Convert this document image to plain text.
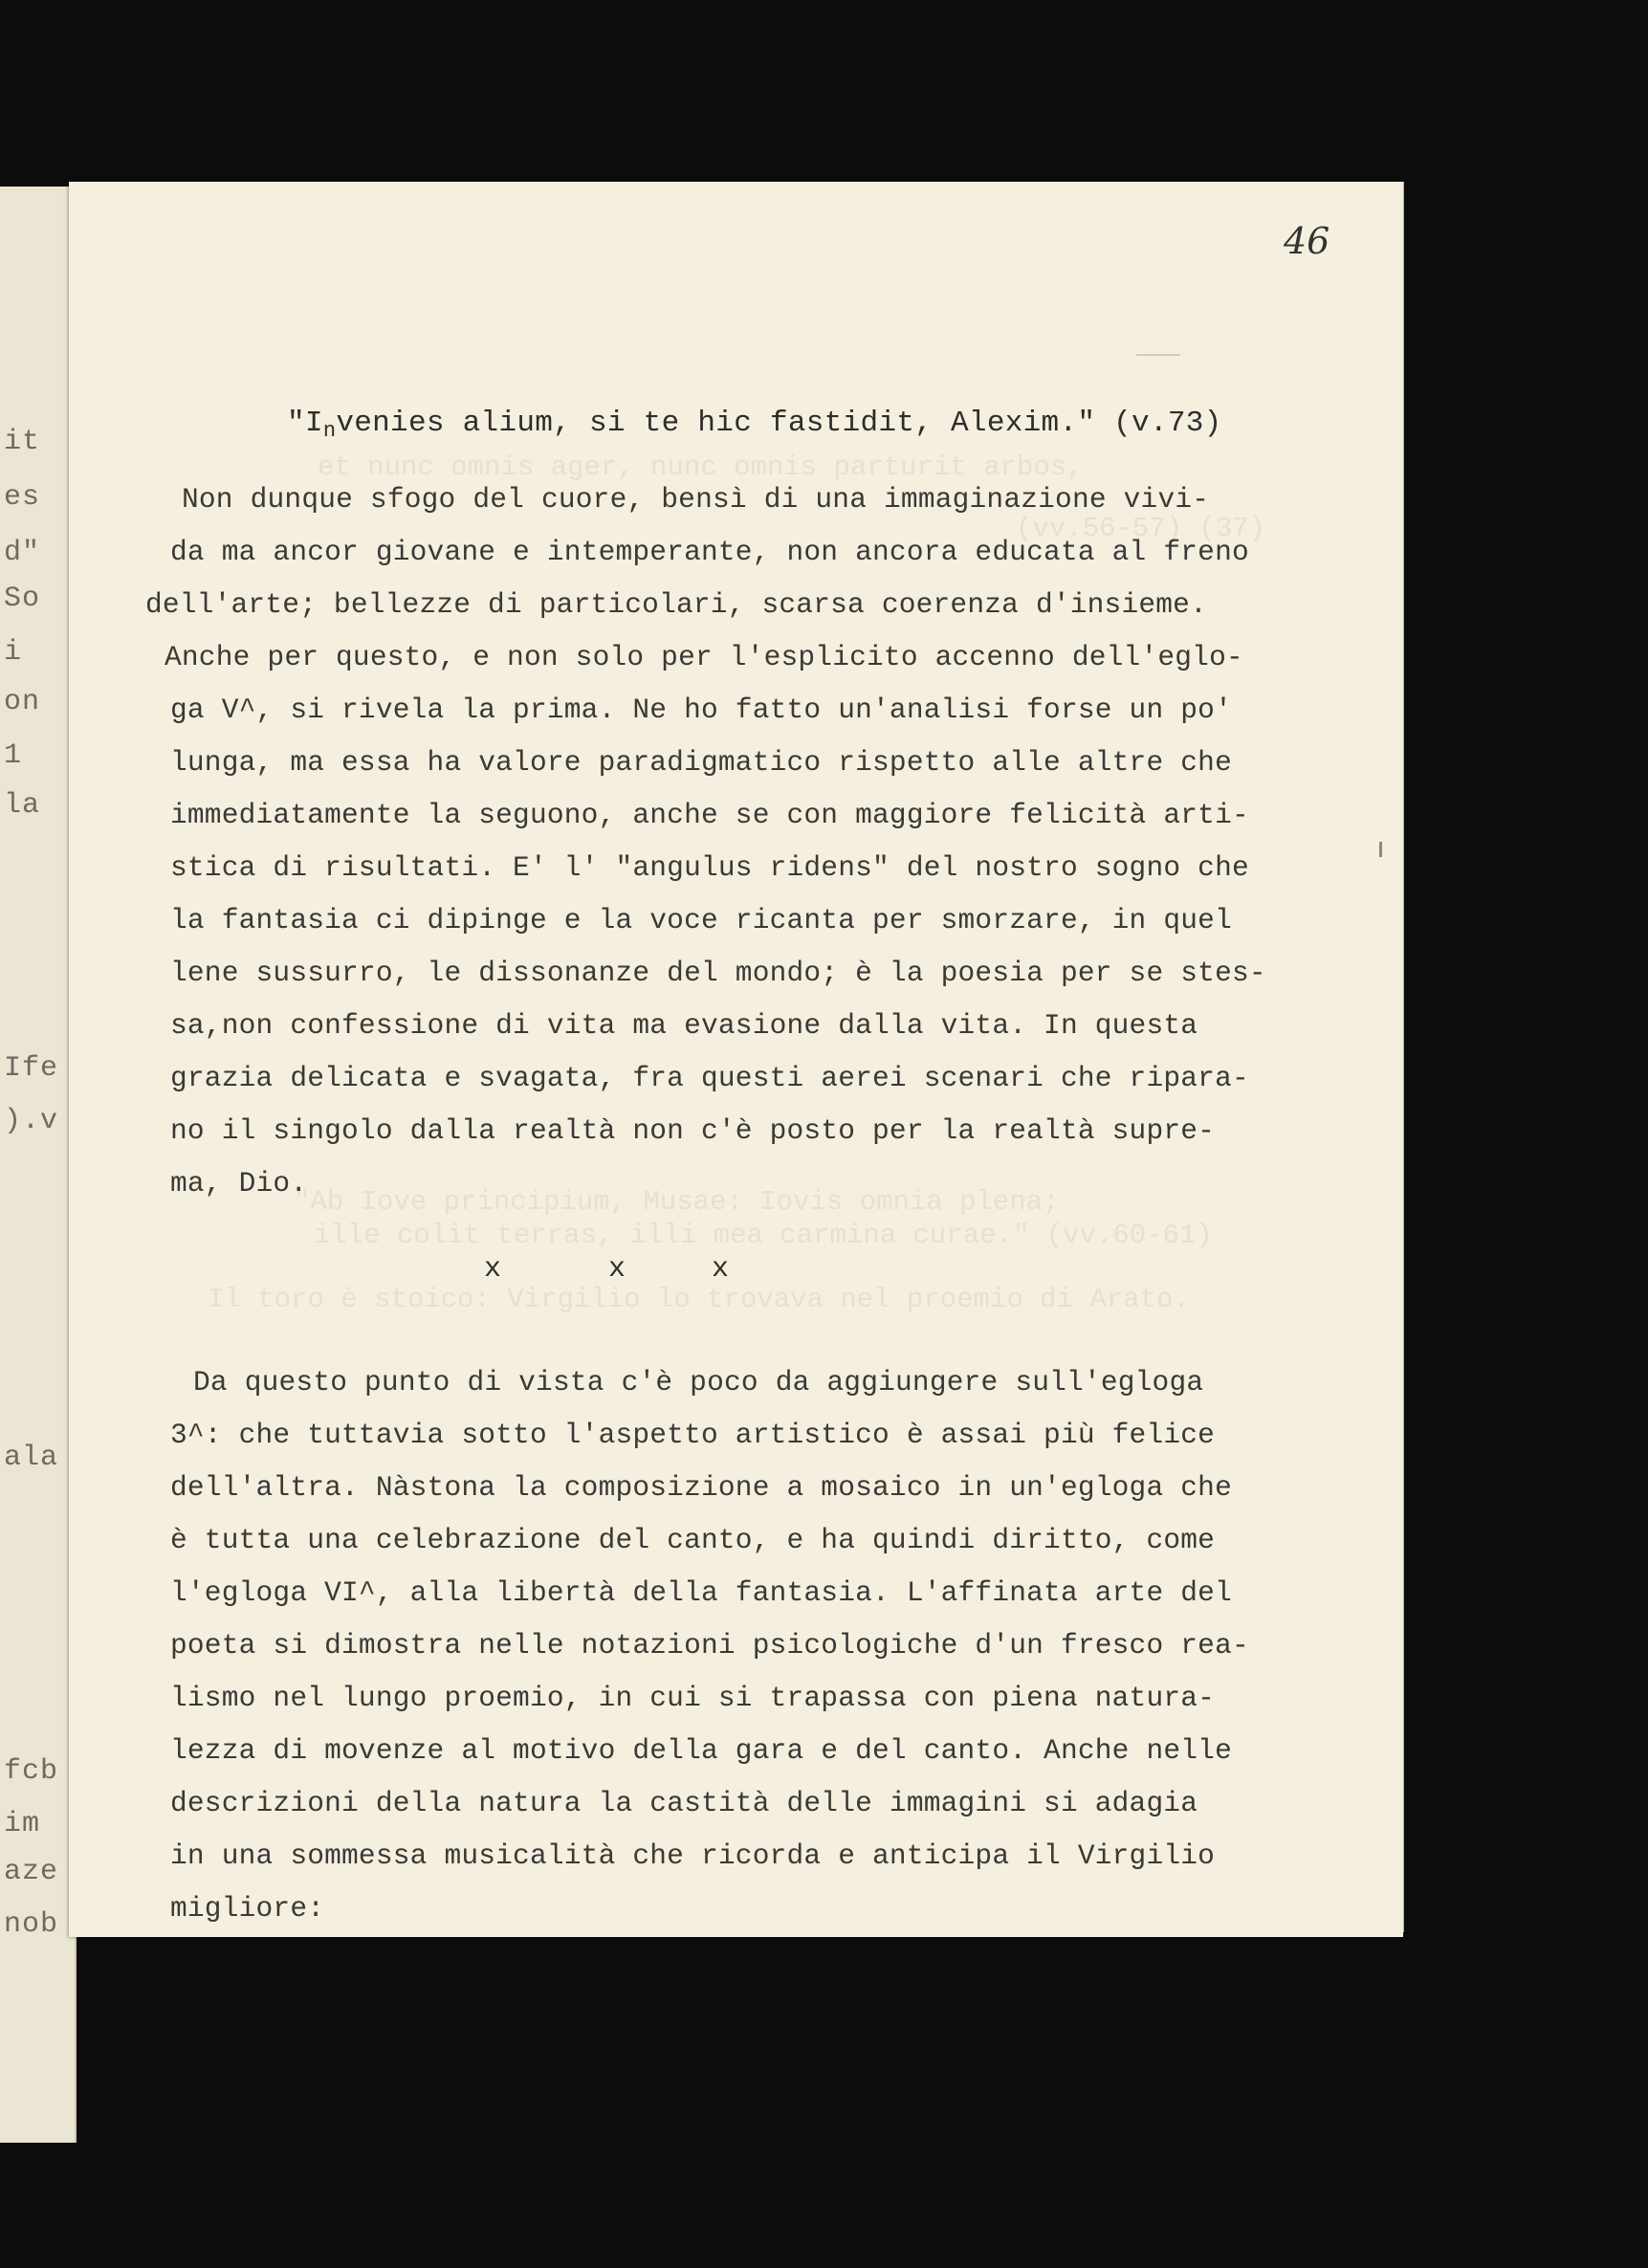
it
es
d"
So
i
on
1
la
Ife
).v
ala
fcb
im
aze
nob
et nunc omnis ager, nunc omnis parturit arbos,
(vv.56-57) (37)
"Ab Iove principium, Musae: Iovis omnia plena;
ille colit terras, illi mea carmina curae." (vv.60-61)
Il toro è stoico: Virgilio lo trovava nel proemio di Arato.
46
"$I_nvenies$ alium, si te hic fastidit, Alexim." (v.73)
Non dunque sfogo del cuore, bensì di una immaginazione vivi-
da ma ancor giovane e intemperante, non ancora educata al freno
dell'arte; bellezze di particolari, scarsa coerenza d'insieme.
Anche per questo, e non solo per l'esplicito accenno dell'eglo-
ga V^, si rivela la prima. Ne ho fatto un'analisi forse un po'
lunga, ma essa ha valore paradigmatico rispetto alle altre che
immediatamente la seguono, anche se con maggiore felicità arti-
stica di risultati. E' l' "angulus ridens" del nostro sogno che
la fantasia ci dipinge e la voce ricanta per smorzare, in quel
lene sussurro, le dissonanze del mondo; è la poesia per se stes-
sa,non confessione di vita ma evasione dalla vita. In questa
grazia delicata e svagata, fra questi aerei scenari che ripara-
no il singolo dalla realtà non c'è posto per la realtà supre-
ma, Dio.
x	x	x
Da questo punto di vista c'è poco da aggiungere sull'egloga
3^: che tuttavia sotto l'aspetto artistico è assai più felice
dell'altra. Nàstona la composizione a mosaico in un'egloga che
è tutta una celebrazione del canto, e ha quindi diritto, come
l'egloga VI^, alla libertà della fantasia. L'affinata arte del
poeta si dimostra nelle notazioni psicologiche d'un fresco rea-
lismo nel lungo proemio, in cui si trapassa con piena natura-
lezza di movenze al motivo della gara e del canto. Anche nelle
descrizioni della natura la castità delle immagini si adagia
in una sommessa musicalità che ricorda e anticipa il Virgilio
migliore:
